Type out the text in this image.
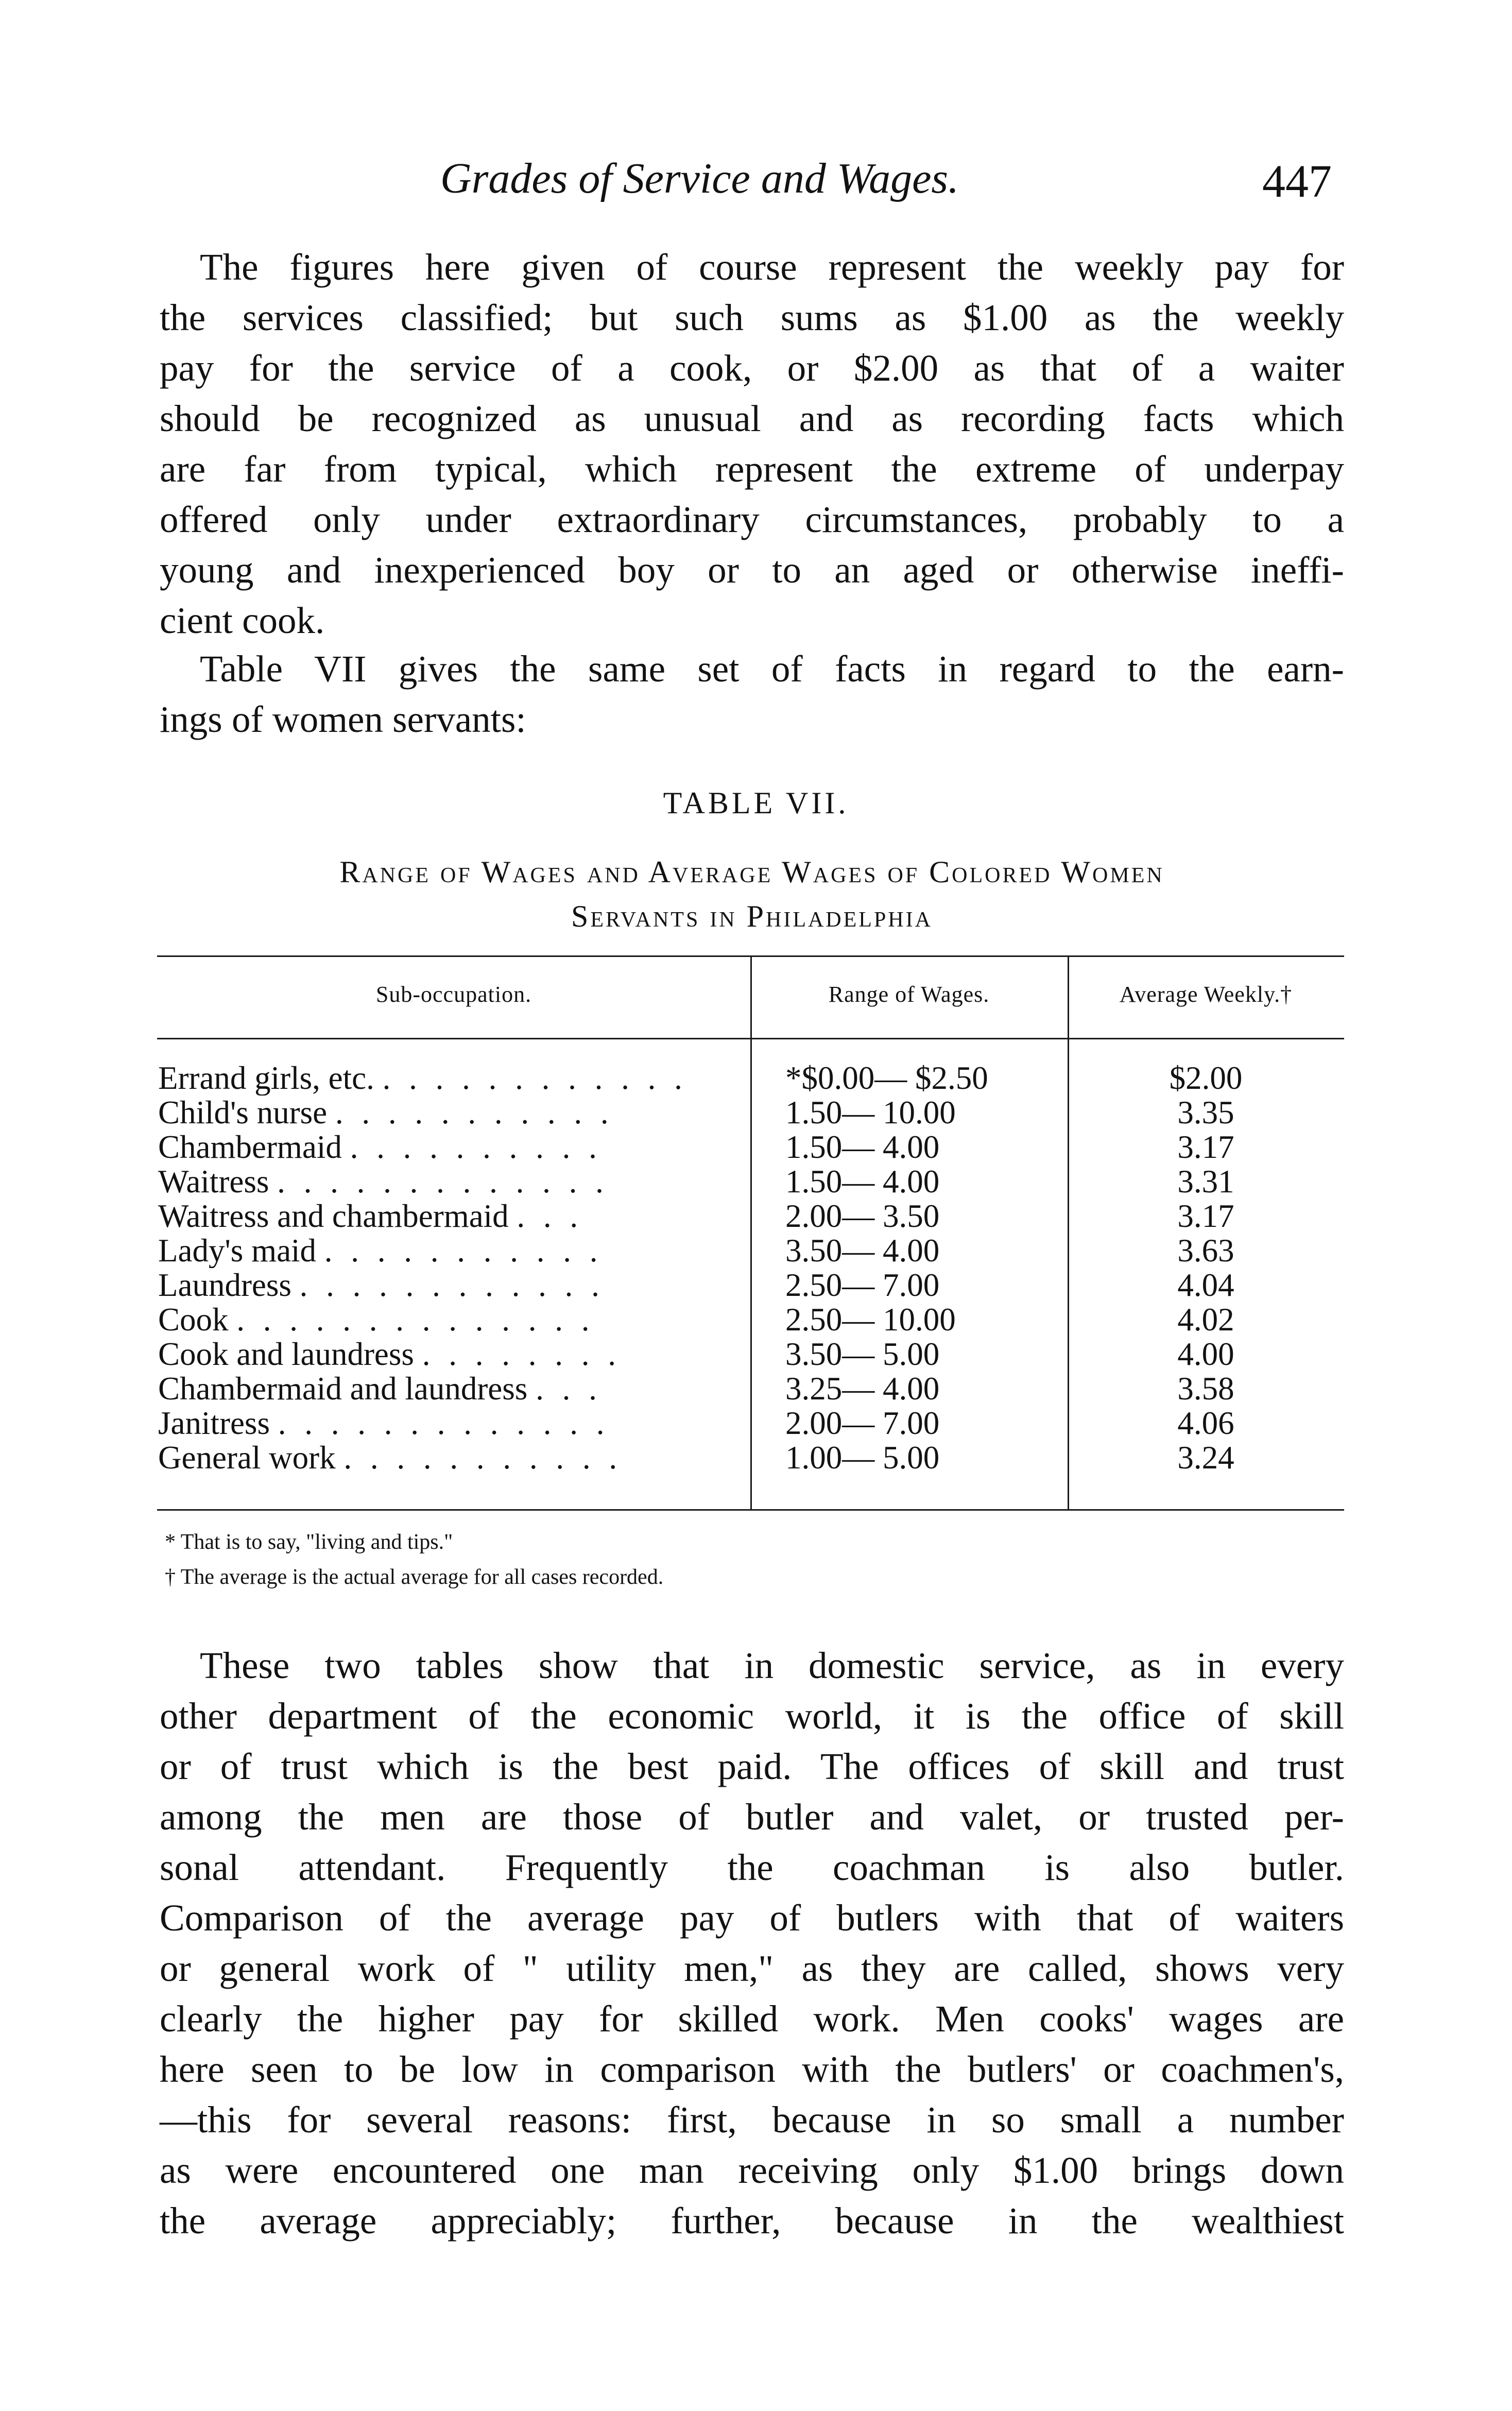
Grades of Service and Wages.	447

The figures here given of course represent the weekly pay for
the services classified; but such sums as $1.00 as the weekly
pay for the service of a cook, or $2.00 as that of a waiter
should be recognized as unusual and as recording facts which
are far from typical, which represent the extreme of underpay
offered only under extraordinary circumstances, probably to a
young and inexperienced boy or to an aged or otherwise ineffi-
cient cook.

Table VII gives the same set of facts in regard to the earn-
ings of women servants:

TABLE VII.
Range of Wages and Average Wages of Colored Women
Servants in Philadelphia
Sub-occupation.	Range of Wages.	Average Weekly.†
Errand girls, etc. . . . . . . . . . . . .	*$0.00— $2.50	$2.00
Child's nurse . . . . . . . . . . .	1.50— 10.00	3.35
Chambermaid . . . . . . . . . .	1.50— 4.00	3.17
Waitress . . . . . . . . . . . . .	1.50— 4.00	3.31
Waitress and chambermaid . . .	2.00— 3.50	3.17
Lady's maid . . . . . . . . . . .	3.50— 4.00	3.63
Laundress . . . . . . . . . . . .	2.50— 7.00	4.04
Cook . . . . . . . . . . . . . .	2.50— 10.00	4.02
Cook and laundress . . . . . . . .	3.50— 5.00	4.00
Chambermaid and laundress . . .	3.25— 4.00	3.58
Janitress . . . . . . . . . . . . .	2.00— 7.00	4.06
General work . . . . . . . . . . .	1.00— 5.00	3.24
* That is to say, "living and tips."
† The average is the actual average for all cases recorded.

These two tables show that in domestic service, as in every
other department of the economic world, it is the office of skill
or of trust which is the best paid. The offices of skill and trust
among the men are those of butler and valet, or trusted per-
sonal attendant. Frequently the coachman is also butler.
Comparison of the average pay of butlers with that of waiters
or general work of " utility men," as they are called, shows very
clearly the higher pay for skilled work. Men cooks' wages are
here seen to be low in comparison with the butlers' or coachmen's,
—this for several reasons: first, because in so small a number
as were encountered one man receiving only $1.00 brings down
the average appreciably; further, because in the wealthiest
